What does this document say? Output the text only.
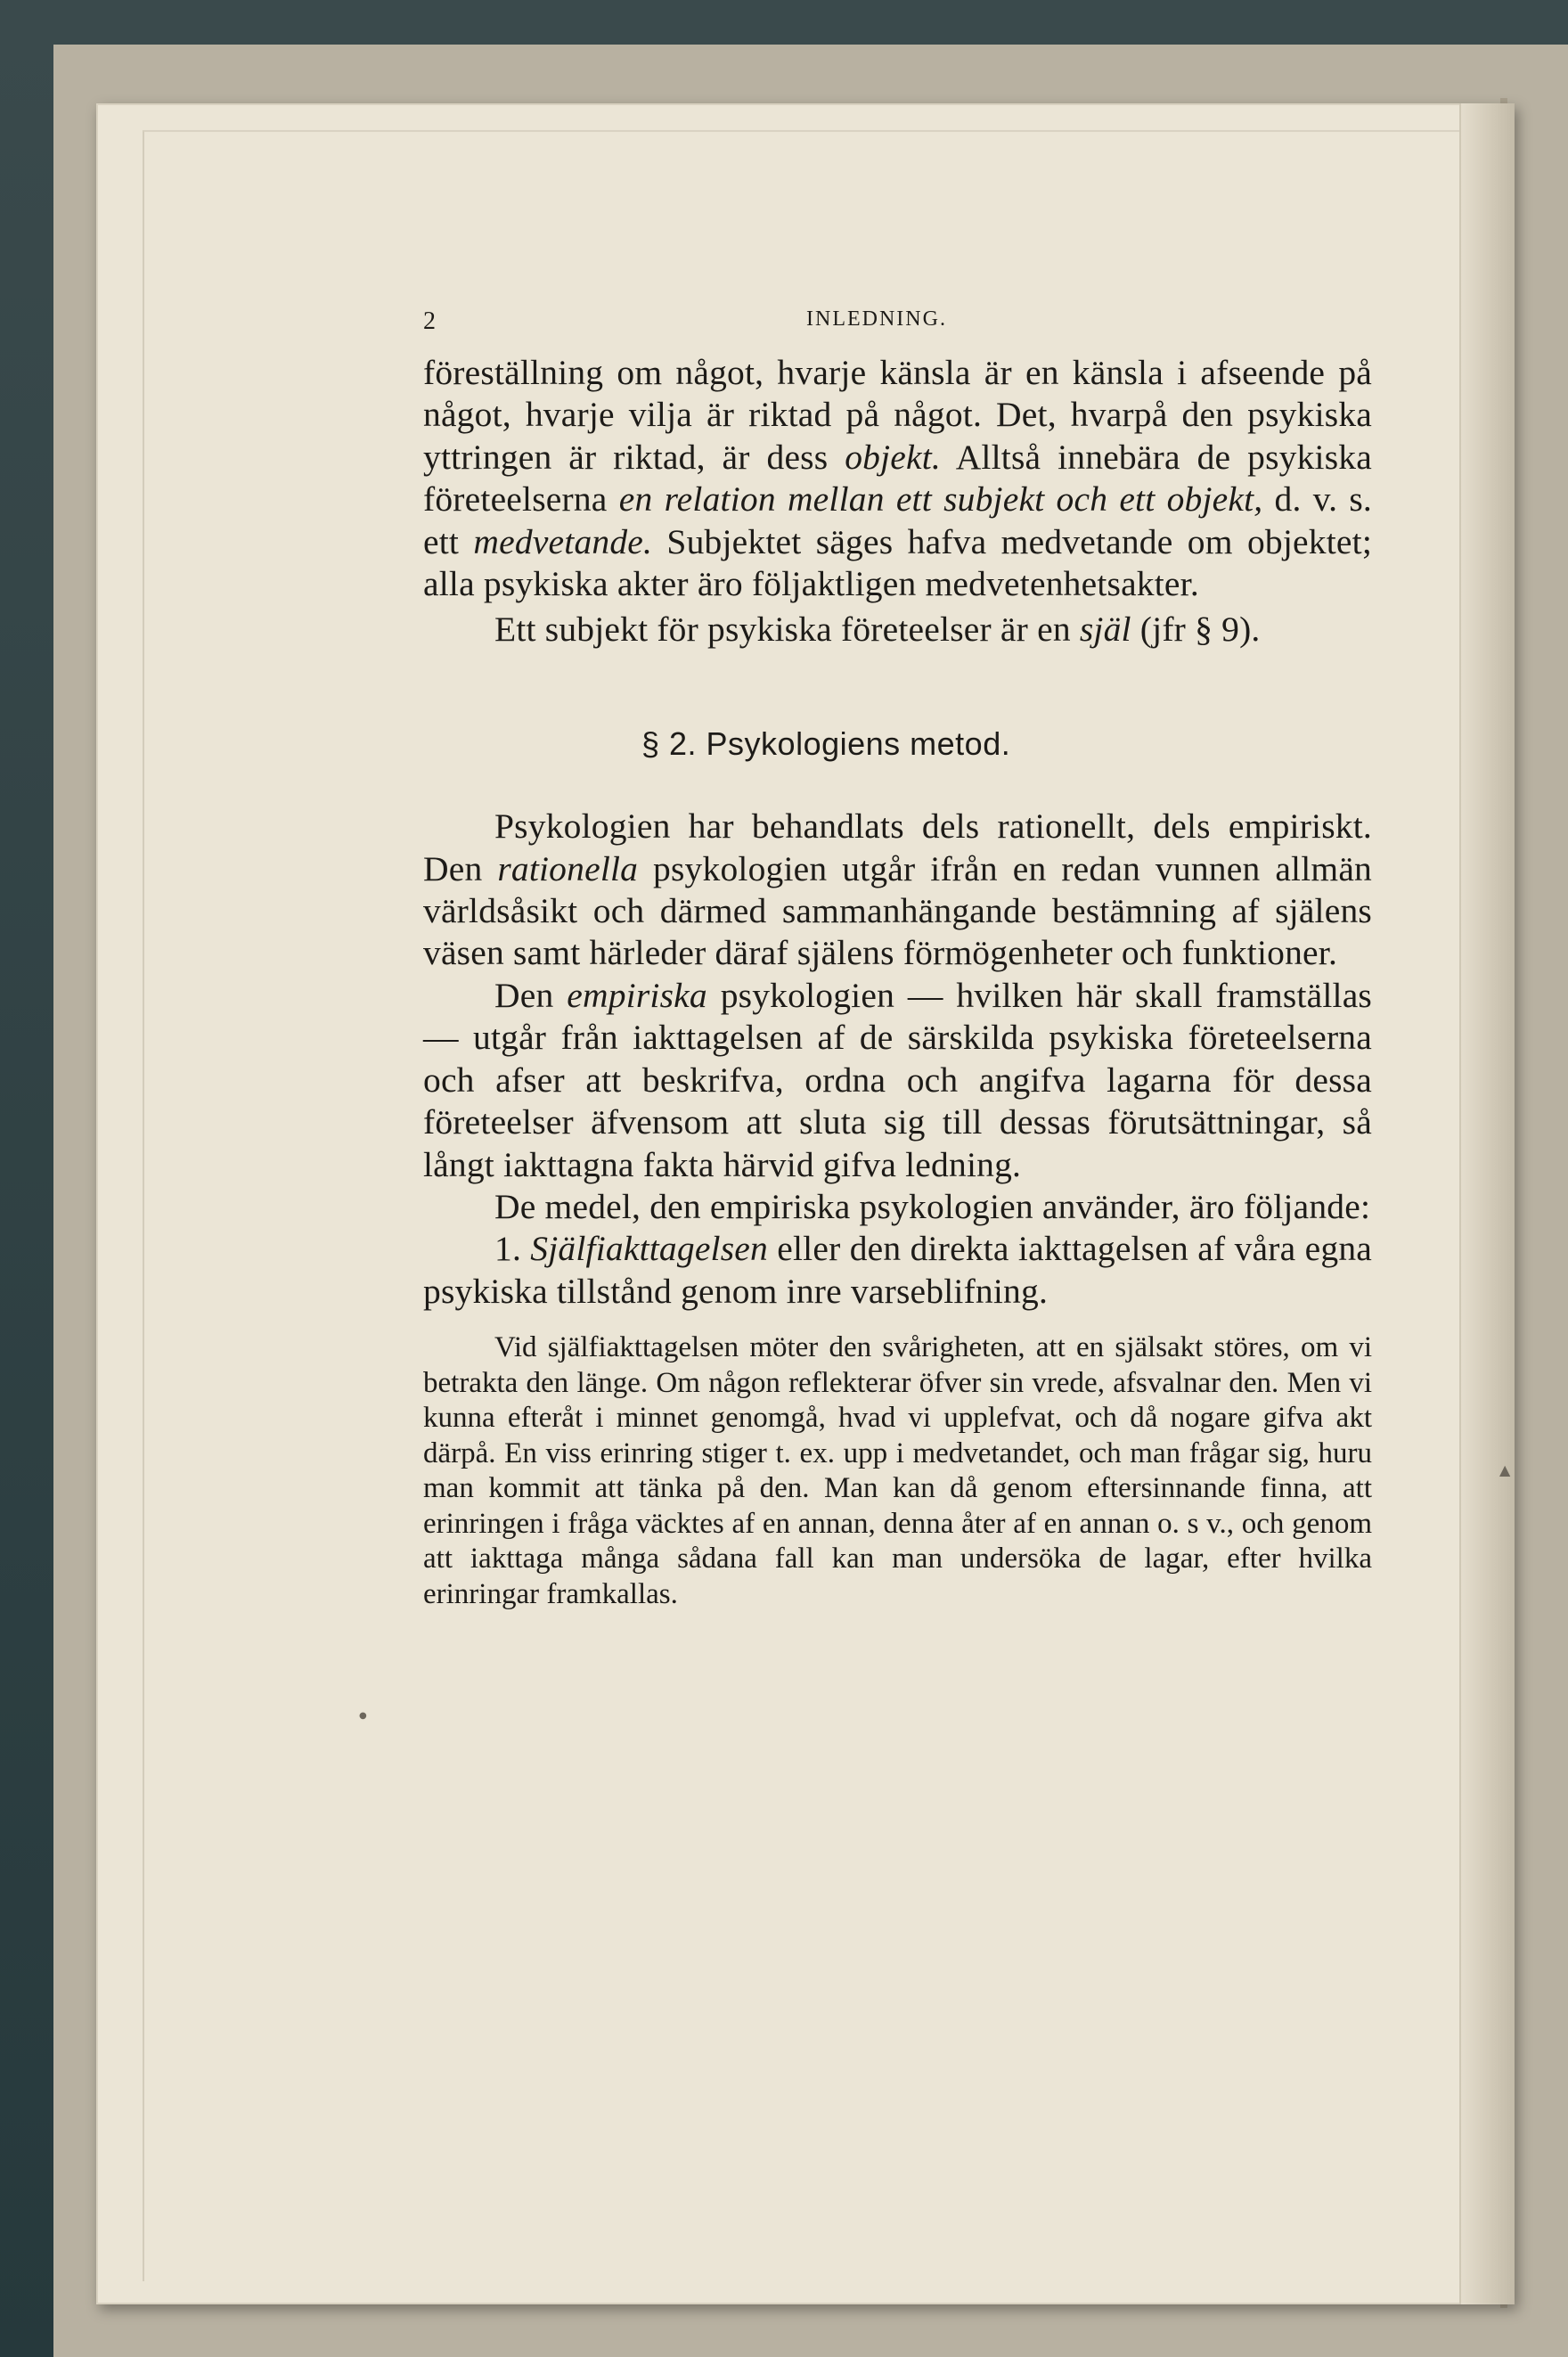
▲
●
2	INLEDNING.

föreställning om något, hvarje känsla är en känsla i afseende på något, hvarje vilja är riktad på något. Det, hvarpå den psykiska yttringen är riktad, är dess objekt. Alltså innebära de psykiska företeelserna en relation mellan ett subjekt och ett objekt, d. v. s. ett medvetande. Subjektet säges hafva medvetande om objektet; alla psykiska akter äro följaktligen medvetenhetsakter.

Ett subjekt för psykiska företeelser är en själ (jfr § 9).

§ 2. Psykologiens metod.

Psykologien har behandlats dels rationellt, dels empiriskt. Den rationella psykologien utgår ifrån en redan vunnen allmän världsåsikt och därmed sammanhängande bestämning af själens väsen samt härleder däraf själens förmögenheter och funktioner.

Den empiriska psykologien — hvilken här skall framställas — utgår från iakttagelsen af de särskilda psykiska företeelserna och afser att beskrifva, ordna och angifva lagarna för dessa företeelser äfvensom att sluta sig till dessas förutsättningar, så långt iakttagna fakta härvid gifva ledning.

De medel, den empiriska psykologien använder, äro följande:

1. Själfiakttagelsen eller den direkta iakttagelsen af våra egna psykiska tillstånd genom inre varseblifning.

Vid själfiakttagelsen möter den svårigheten, att en själsakt störes, om vi betrakta den länge. Om någon reflekterar öfver sin vrede, afsvalnar den. Men vi kunna efteråt i minnet genomgå, hvad vi upplefvat, och då nogare gifva akt därpå. En viss erinring stiger t. ex. upp i medvetandet, och man frågar sig, huru man kommit att tänka på den. Man kan då genom eftersinnande finna, att erinringen i fråga väcktes af en annan, denna åter af en annan o. s v., och genom att iakttaga många sådana fall kan man undersöka de lagar, efter hvilka erinringar framkallas.
